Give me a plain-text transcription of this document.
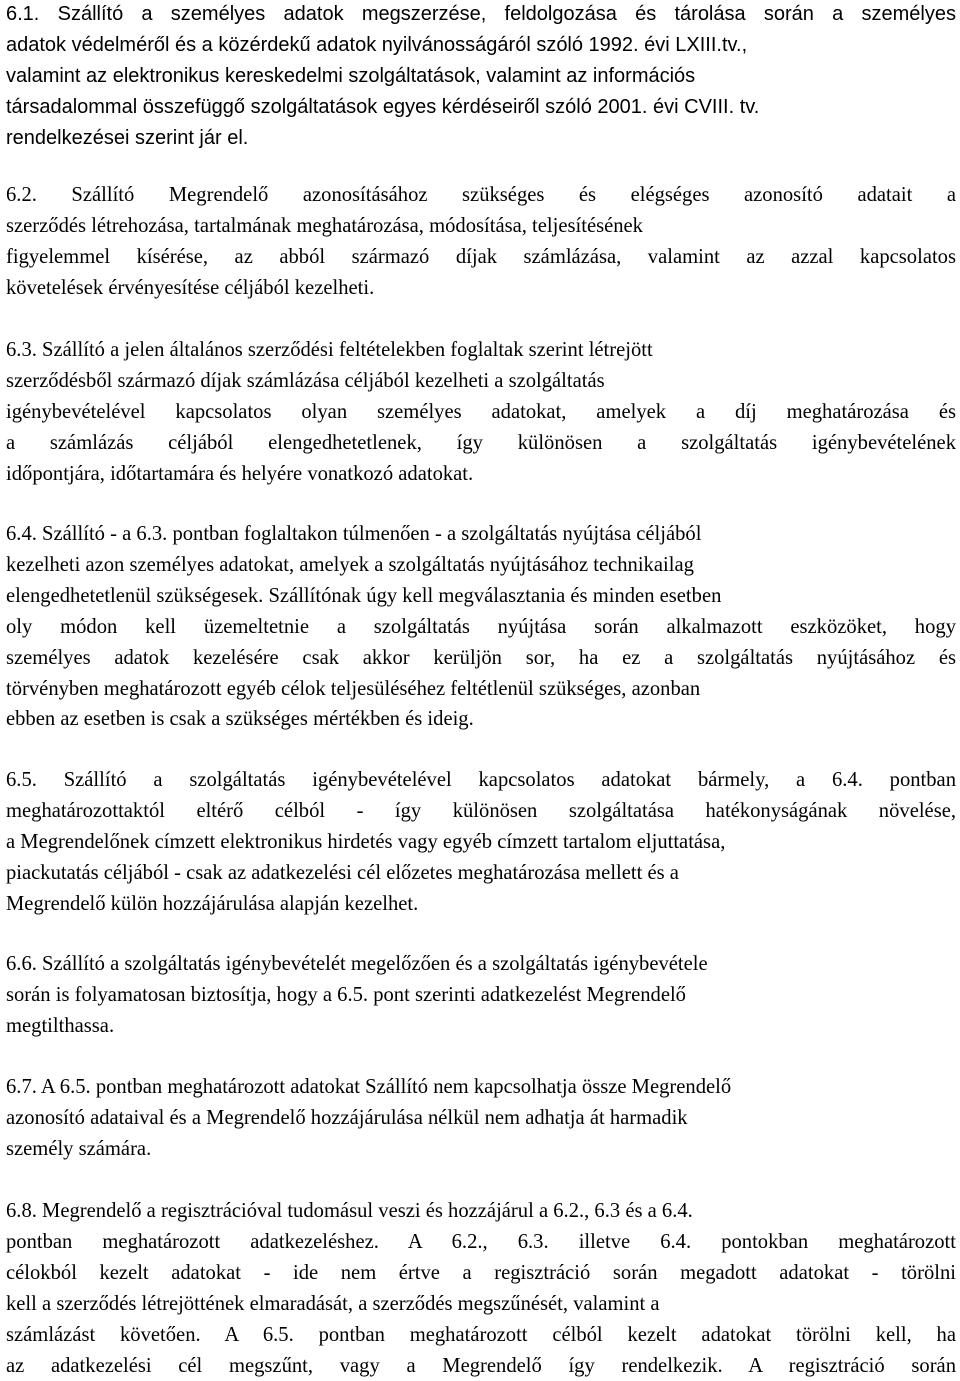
6.1. Szállító a személyes adatok megszerzése, feldolgozása és tárolása során a személyes
adatok védelméről és a közérdekű adatok nyilvánosságáról szóló 1992. évi LXIII.tv.,
valamint az elektronikus kereskedelmi szolgáltatások, valamint az információs
társadalommal összefüggő szolgáltatások egyes kérdéseiről szóló 2001. évi CVIII. tv.
rendelkezései szerint jár el.
6.2. Szállító Megrendelő azonosításához szükséges és elégséges azonosító adatait a
szerződés létrehozása, tartalmának meghatározása, módosítása, teljesítésének
figyelemmel kísérése, az abból származó díjak számlázása, valamint az azzal kapcsolatos
követelések érvényesítése céljából kezelheti.
6.3. Szállító a jelen általános szerződési feltételekben foglaltak szerint létrejött
szerződésből származó díjak számlázása céljából kezelheti a szolgáltatás
igénybevételével kapcsolatos olyan személyes adatokat, amelyek a díj meghatározása és
a számlázás céljából elengedhetetlenek, így különösen a szolgáltatás igénybevételének
időpontjára, időtartamára és helyére vonatkozó adatokat.
6.4. Szállító - a 6.3. pontban foglaltakon túlmenően - a szolgáltatás nyújtása céljából
kezelheti azon személyes adatokat, amelyek a szolgáltatás nyújtásához technikailag
elengedhetetlenül szükségesek. Szállítónak úgy kell megválasztania és minden esetben
oly módon kell üzemeltetnie a szolgáltatás nyújtása során alkalmazott eszközöket, hogy
személyes adatok kezelésére csak akkor kerüljön sor, ha ez a szolgáltatás nyújtásához és
törvényben meghatározott egyéb célok teljesüléséhez feltétlenül szükséges, azonban
ebben az esetben is csak a szükséges mértékben és ideig.
6.5. Szállító a szolgáltatás igénybevételével kapcsolatos adatokat bármely, a 6.4. pontban
meghatározottaktól eltérő célból - így különösen szolgáltatása hatékonyságának növelése,
a Megrendelőnek címzett elektronikus hirdetés vagy egyéb címzett tartalom eljuttatása,
piackutatás céljából - csak az adatkezelési cél előzetes meghatározása mellett és a
Megrendelő külön hozzájárulása alapján kezelhet.
6.6. Szállító a szolgáltatás igénybevételét megelőzően és a szolgáltatás igénybevétele
során is folyamatosan biztosítja, hogy a 6.5. pont szerinti adatkezelést Megrendelő
megtilthassa.
6.7. A 6.5. pontban meghatározott adatokat Szállító nem kapcsolhatja össze Megrendelő
azonosító adataival és a Megrendelő hozzájárulása nélkül nem adhatja át harmadik
személy számára.
6.8. Megrendelő a regisztrációval tudomásul veszi és hozzájárul a 6.2., 6.3 és a 6.4.
pontban meghatározott adatkezeléshez. A 6.2., 6.3. illetve 6.4. pontokban meghatározott
célokból kezelt adatokat - ide nem értve a regisztráció során megadott adatokat - törölni
kell a szerződés létrejöttének elmaradását, a szerződés megszűnését, valamint a
számlázást követően. A 6.5. pontban meghatározott célból kezelt adatokat törölni kell, ha
az adatkezelési cél megszűnt, vagy a Megrendelő így rendelkezik. A regisztráció során
